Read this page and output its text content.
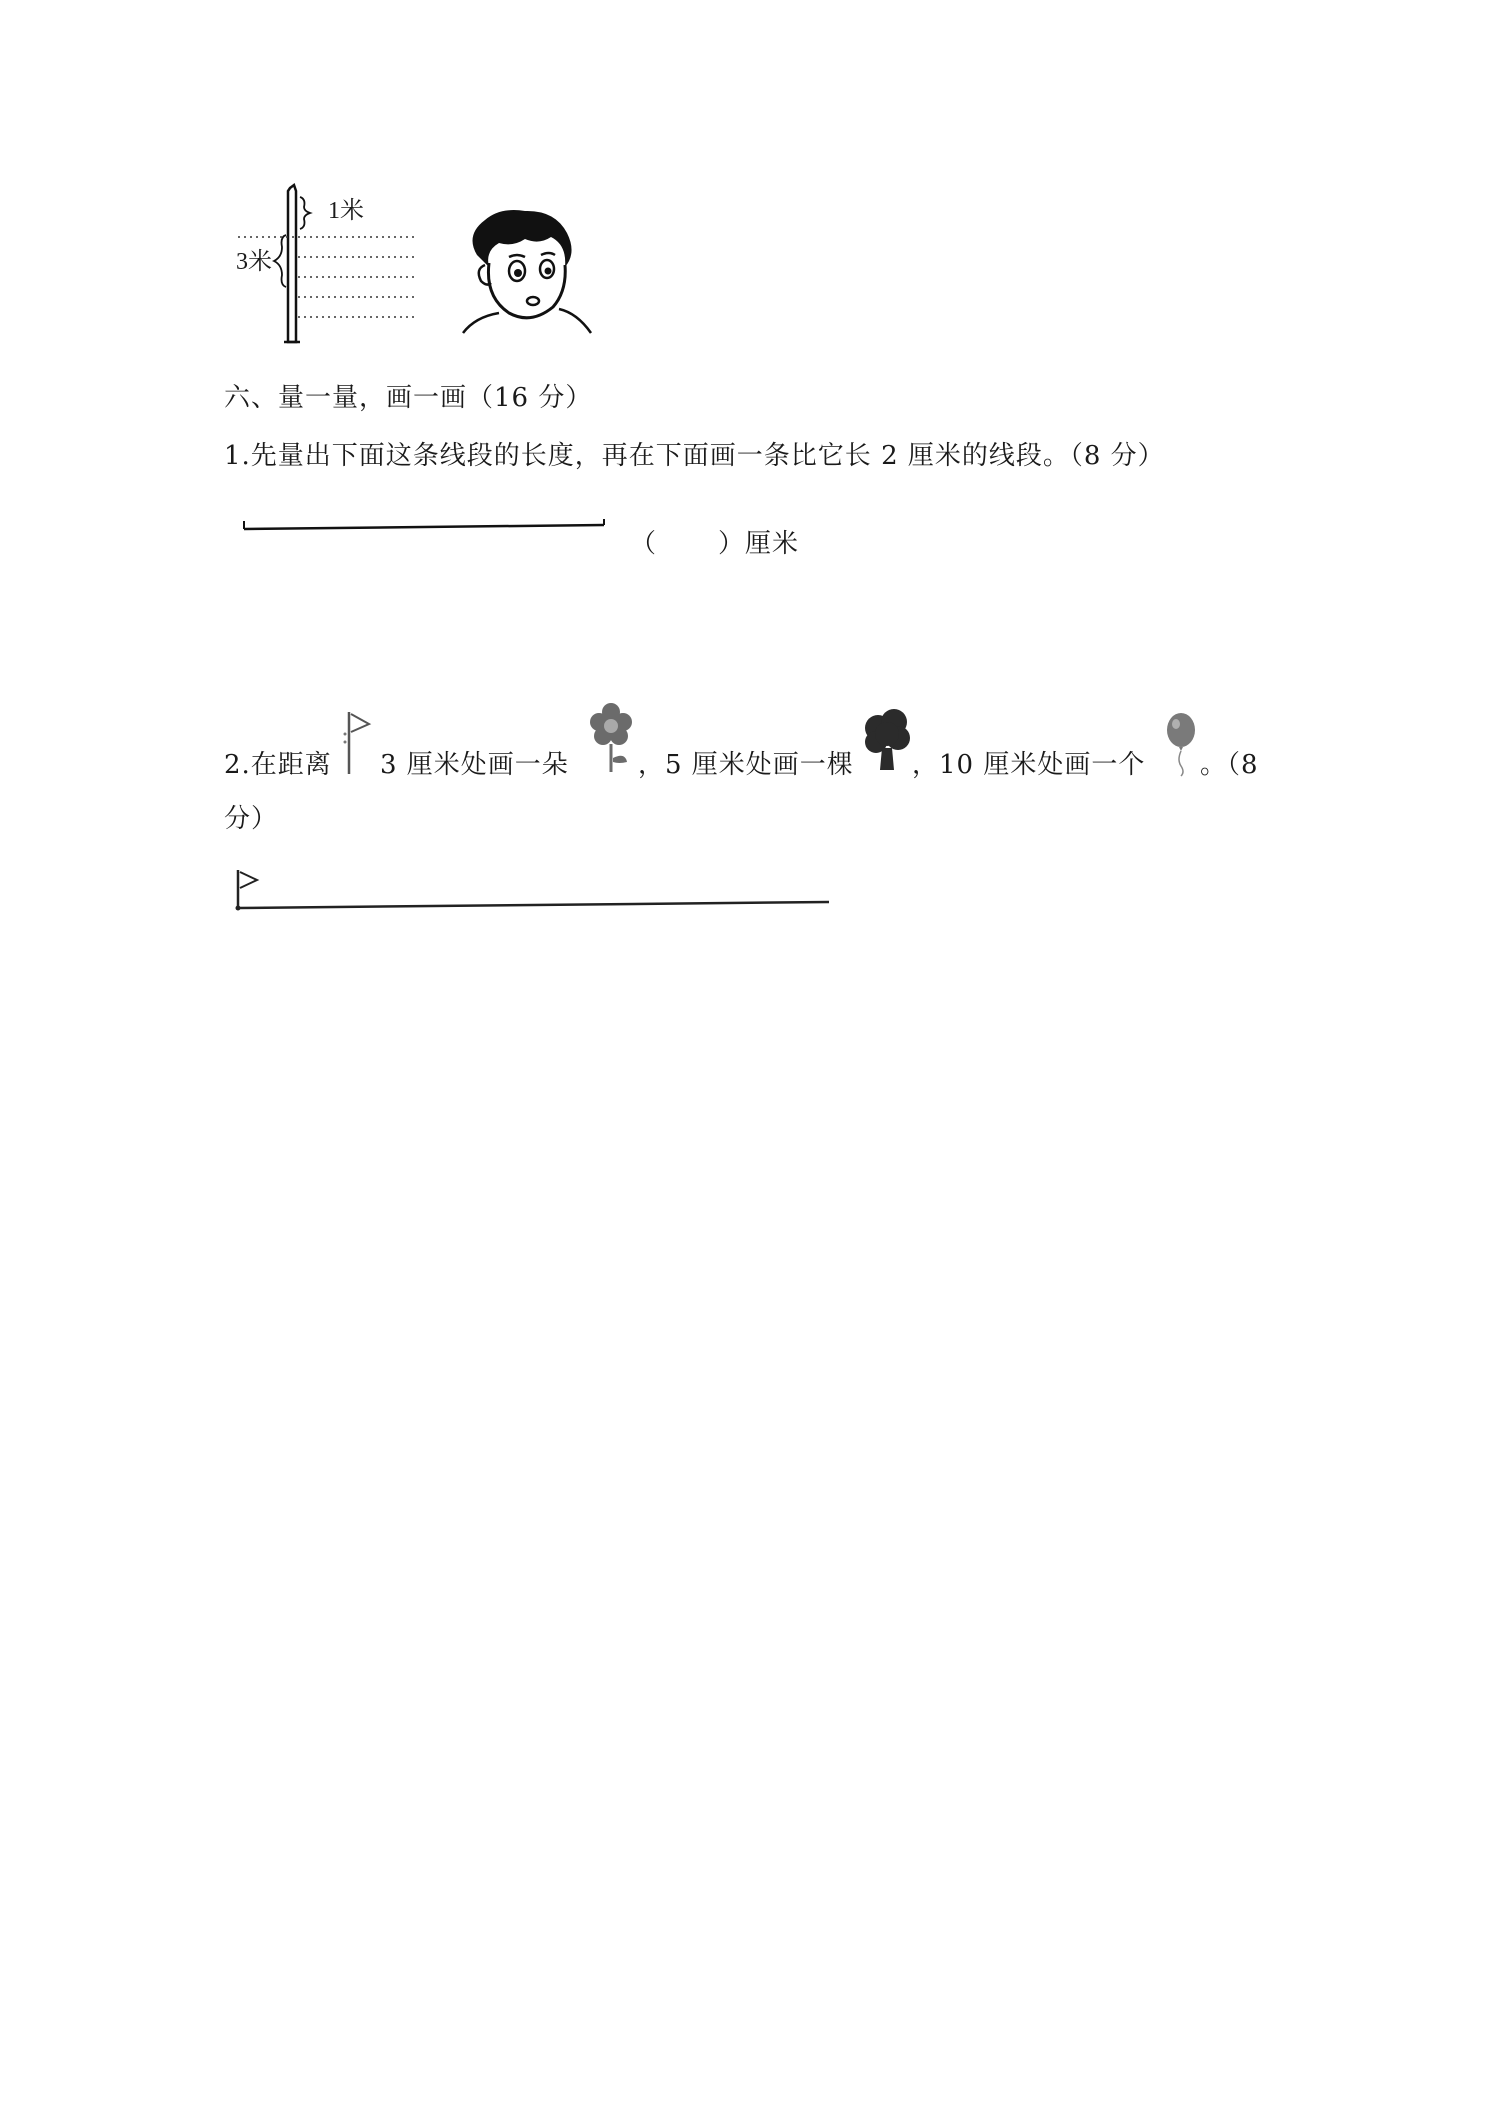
1米
3米
六、量一量，画一画（16 分）
1.先量出下面这条线段的长度，再在下面画一条比它长 2 厘米的线段。（8 分）
（ ）厘米
2.在距离 3 厘米处画一朵	，5 厘米处画一棵 ，10 厘米处画一个 。（8
分）
